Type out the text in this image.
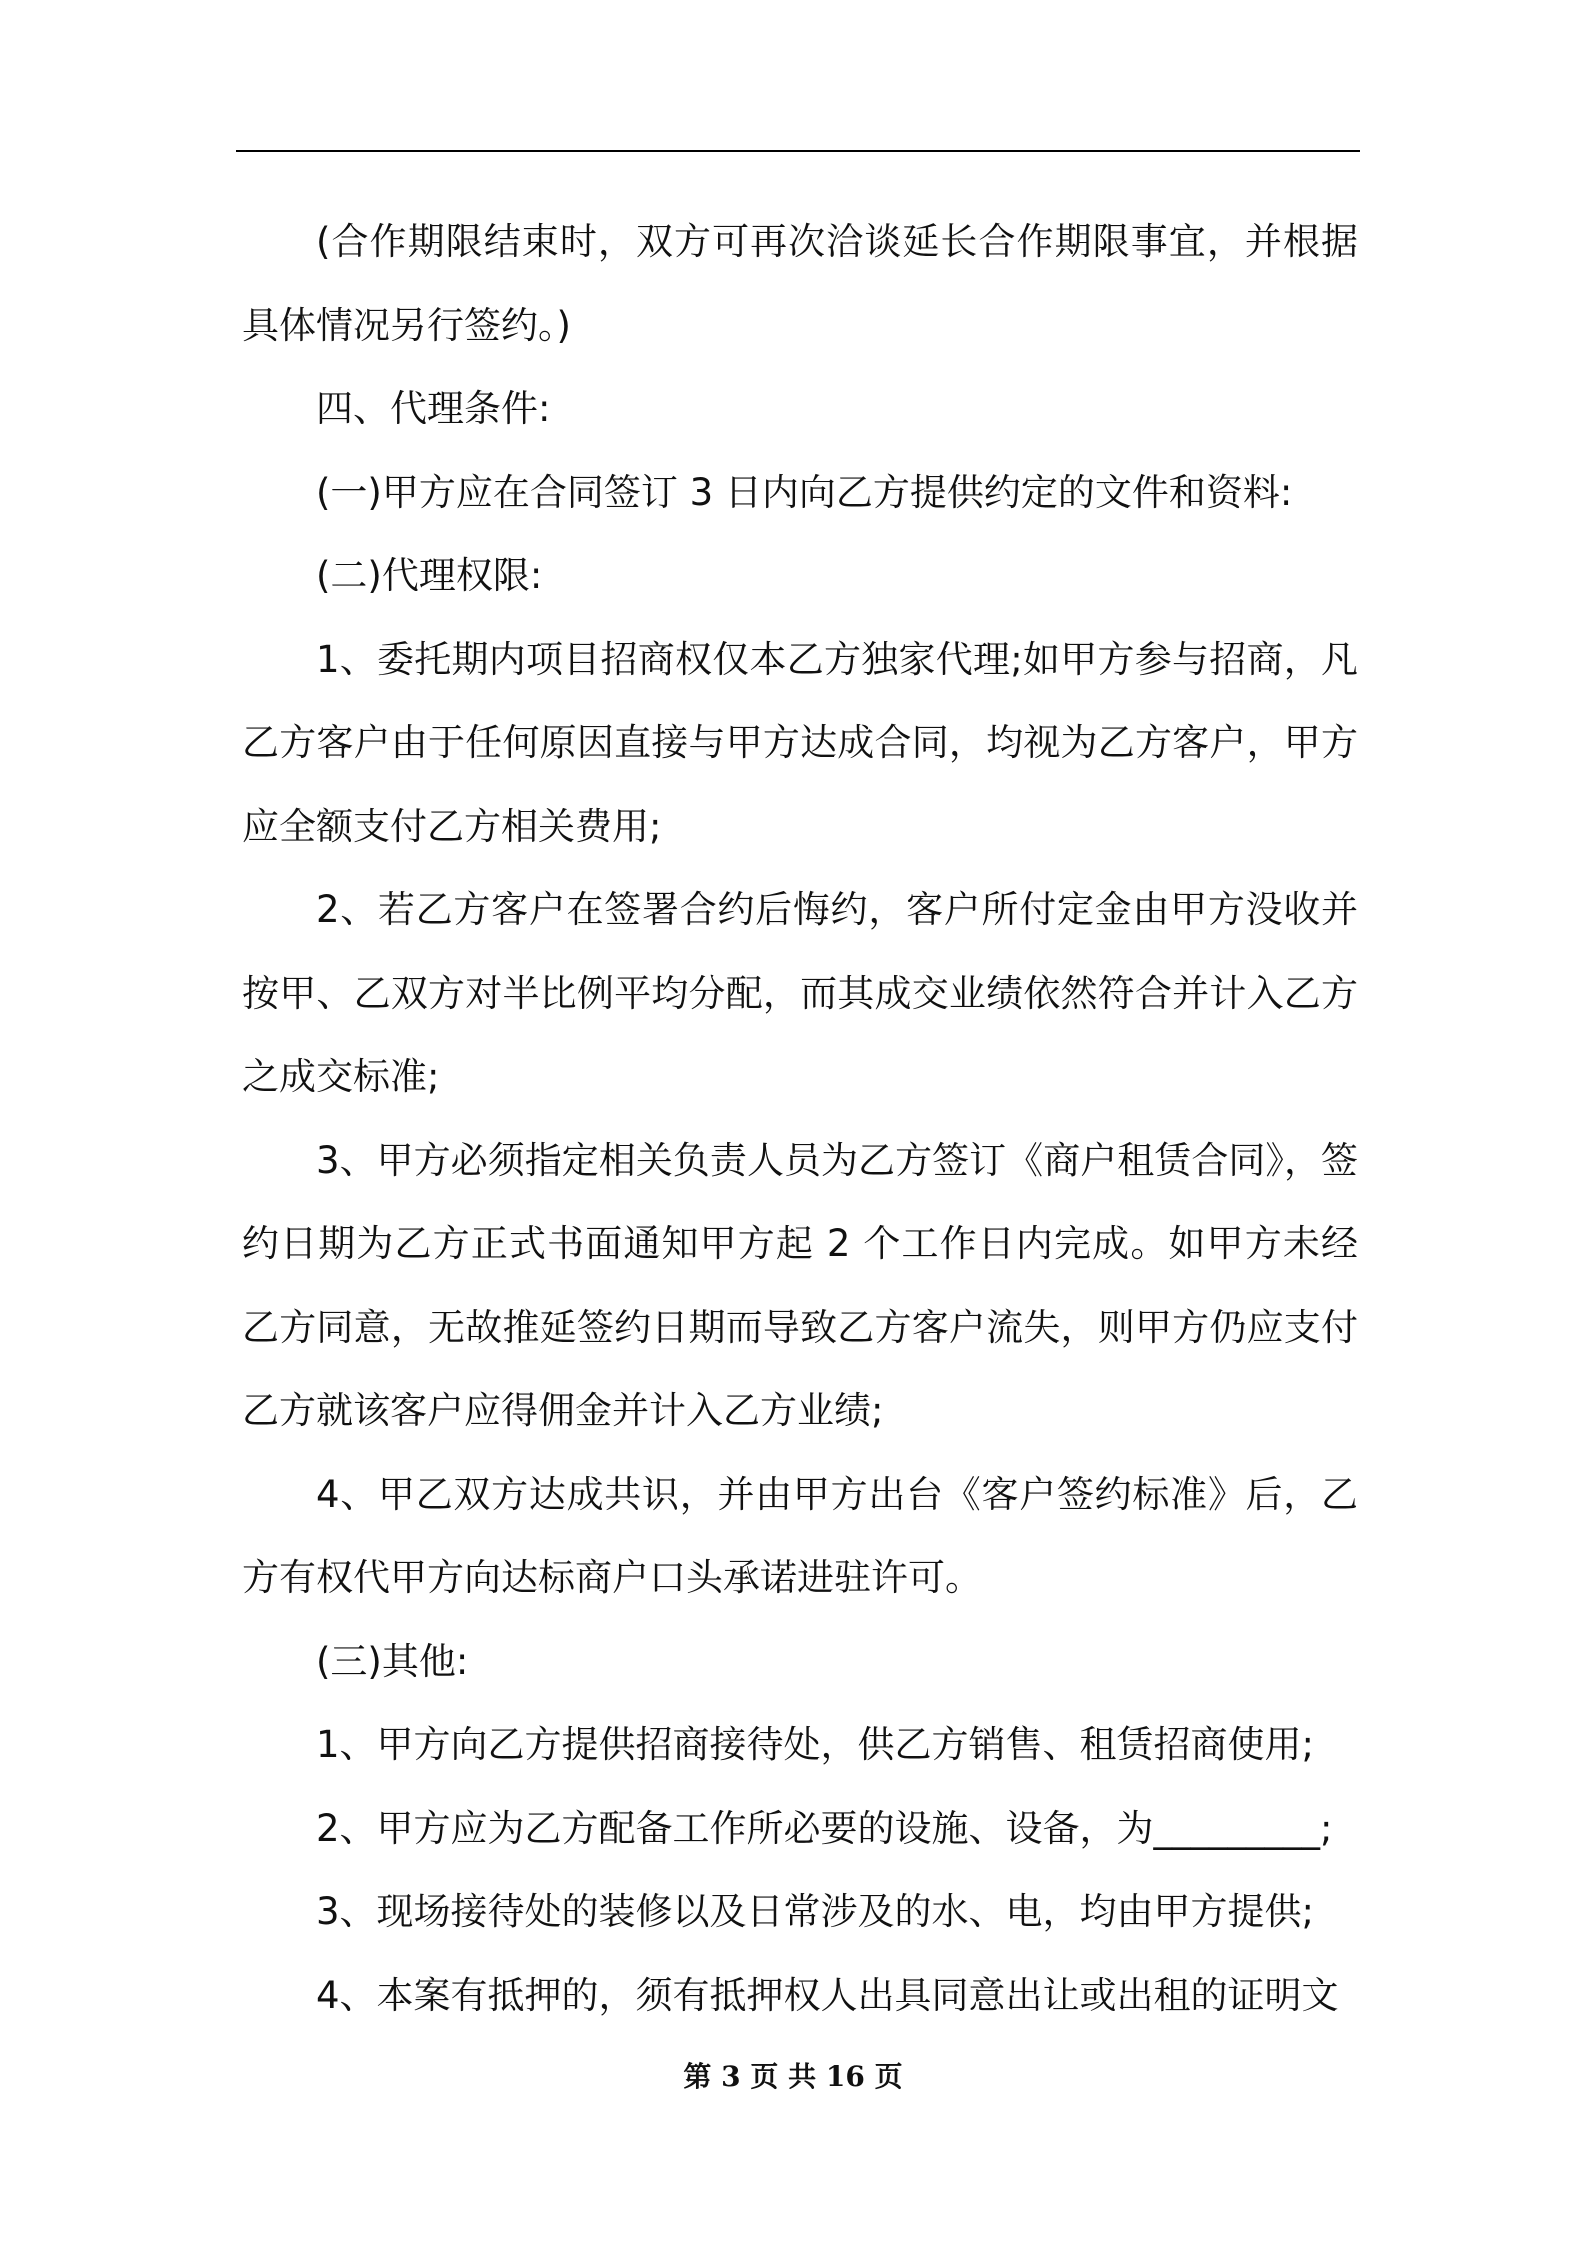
(合作期限结束时，双方可再次洽谈延长合作期限事宜，并根据具体情况另行签约。)

四、代理条件:

(一)甲方应在合同签订 3 日内向乙方提供约定的文件和资料:

(二)代理权限:

1、委托期内项目招商权仅本乙方独家代理;如甲方参与招商，凡乙方客户由于任何原因直接与甲方达成合同，均视为乙方客户，甲方应全额支付乙方相关费用;

2、若乙方客户在签署合约后悔约，客户所付定金由甲方没收并按甲、乙双方对半比例平均分配，而其成交业绩依然符合并计入乙方之成交标准;

3、甲方必须指定相关负责人员为乙方签订《商户租赁合同》，签约日期为乙方正式书面通知甲方起 2 个工作日内完成。如甲方未经乙方同意，无故推延签约日期而导致乙方客户流失，则甲方仍应支付乙方就该客户应得佣金并计入乙方业绩;

4、甲乙双方达成共识，并由甲方出台《客户签约标准》后，乙方有权代甲方向达标商户口头承诺进驻许可。

(三)其他:

1、甲方向乙方提供招商接待处，供乙方销售、租赁招商使用;

2、甲方应为乙方配备工作所必要的设施、设备，为_________;

3、现场接待处的装修以及日常涉及的水、电，均由甲方提供;

4、本案有抵押的，须有抵押权人出具同意出让或出租的证明文

第 3 页 共 16 页
